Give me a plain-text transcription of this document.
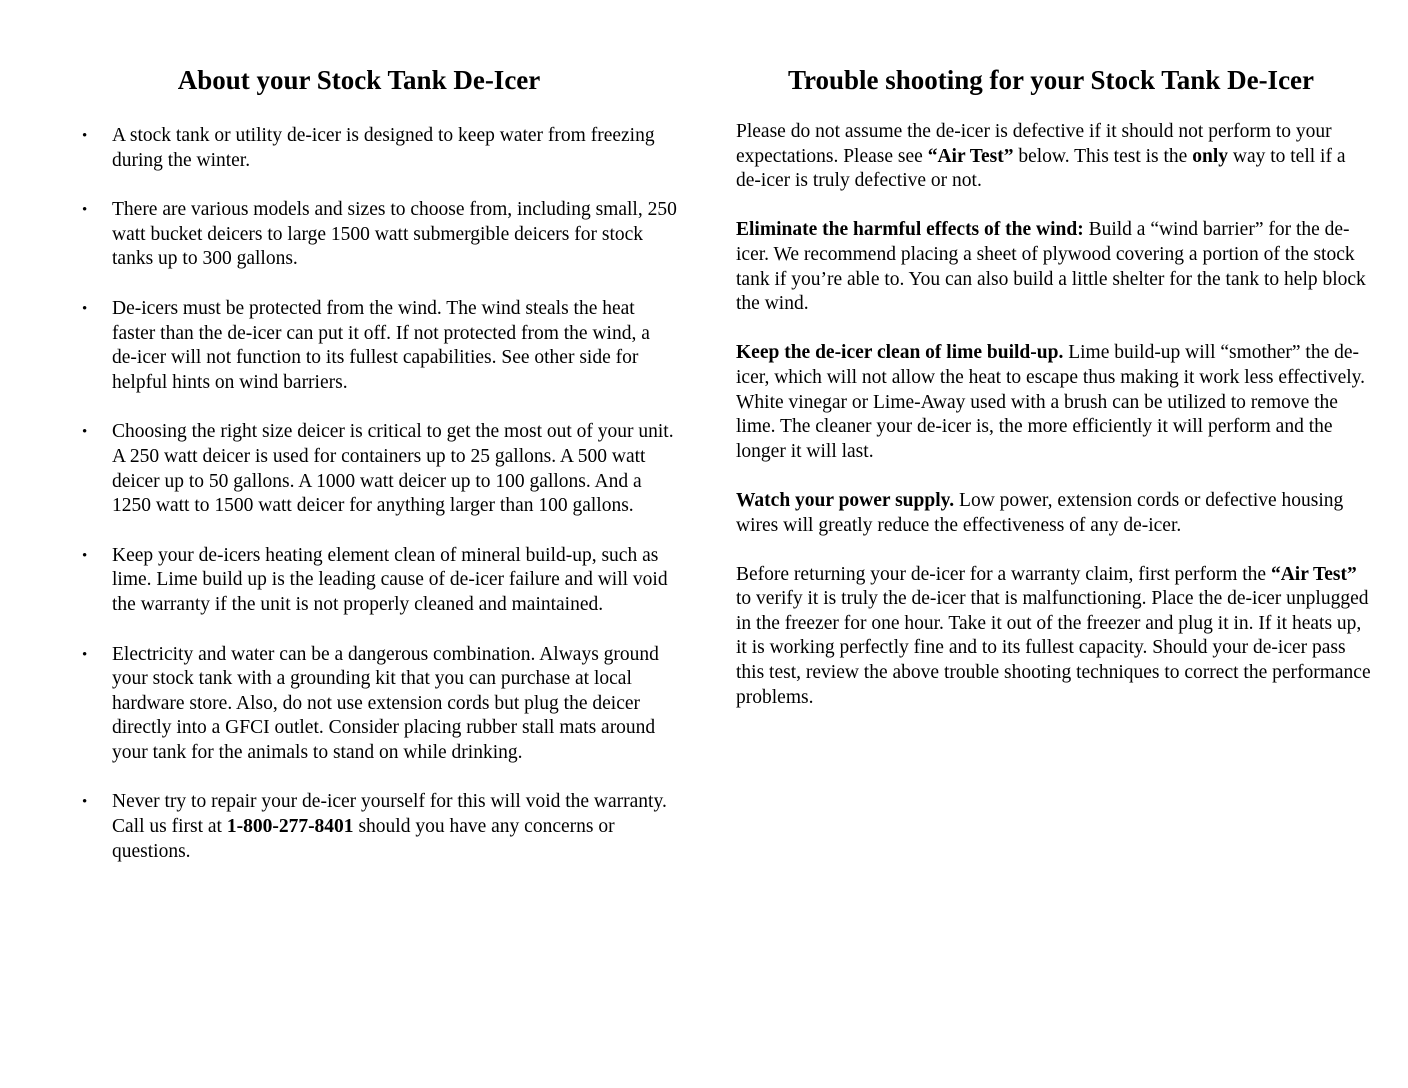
About your Stock Tank De-Icer
• A stock tank or utility de-icer is designed to keep water from freezing during the winter.
• There are various models and sizes to choose from, including small, 250 watt bucket deicers to large 1500 watt submergible deicers for stock tanks up to 300 gallons.
• De-icers must be protected from the wind. The wind steals the heat faster than the de-icer can put it off. If not protected from the wind, a de-icer will not function to its fullest capabilities. See other side for helpful hints on wind barriers.
• Choosing the right size deicer is critical to get the most out of your unit. A 250 watt deicer is used for containers up to 25 gallons. A 500 watt deicer up to 50 gallons. A 1000 watt deicer up to 100 gallons. And a 1250 watt to 1500 watt deicer for anything larger than 100 gallons.
• Keep your de-icers heating element clean of mineral build-up, such as lime. Lime build up is the leading cause of de-icer failure and will void the warranty if the unit is not properly cleaned and maintained.
• Electricity and water can be a dangerous combination. Always ground your stock tank with a grounding kit that you can purchase at local hardware store. Also, do not use extension cords but plug the deicer directly into a GFCI outlet. Consider placing rubber stall mats around your tank for the animals to stand on while drinking.
• Never try to repair your de-icer yourself for this will void the warranty. Call us first at 1-800-277-8401 should you have any concerns or questions.
Trouble shooting for your Stock Tank De-Icer

Please do not assume the de-icer is defective if it should not perform to your expectations. Please see “Air Test” below. This test is the only way to tell if a de-icer is truly defective or not.

Eliminate the harmful effects of the wind: Build a “wind barrier” for the de-icer. We recommend placing a sheet of plywood covering a portion of the stock tank if you’re able to. You can also build a little shelter for the tank to help block the wind.

Keep the de-icer clean of lime build-up. Lime build-up will “smother” the de-icer, which will not allow the heat to escape thus making it work less effectively. White vinegar or Lime-Away used with a brush can be utilized to remove the lime. The cleaner your de-icer is, the more efficiently it will perform and the longer it will last.

Watch your power supply. Low power, extension cords or defective housing wires will greatly reduce the effectiveness of any de-icer.

Before returning your de-icer for a warranty claim, first perform the “Air Test” to verify it is truly the de-icer that is malfunctioning. Place the de-icer unplugged in the freezer for one hour. Take it out of the freezer and plug it in. If it heats up, it is working perfectly fine and to its fullest capacity. Should your de-icer pass this test, review the above trouble shooting techniques to correct the performance problems.
